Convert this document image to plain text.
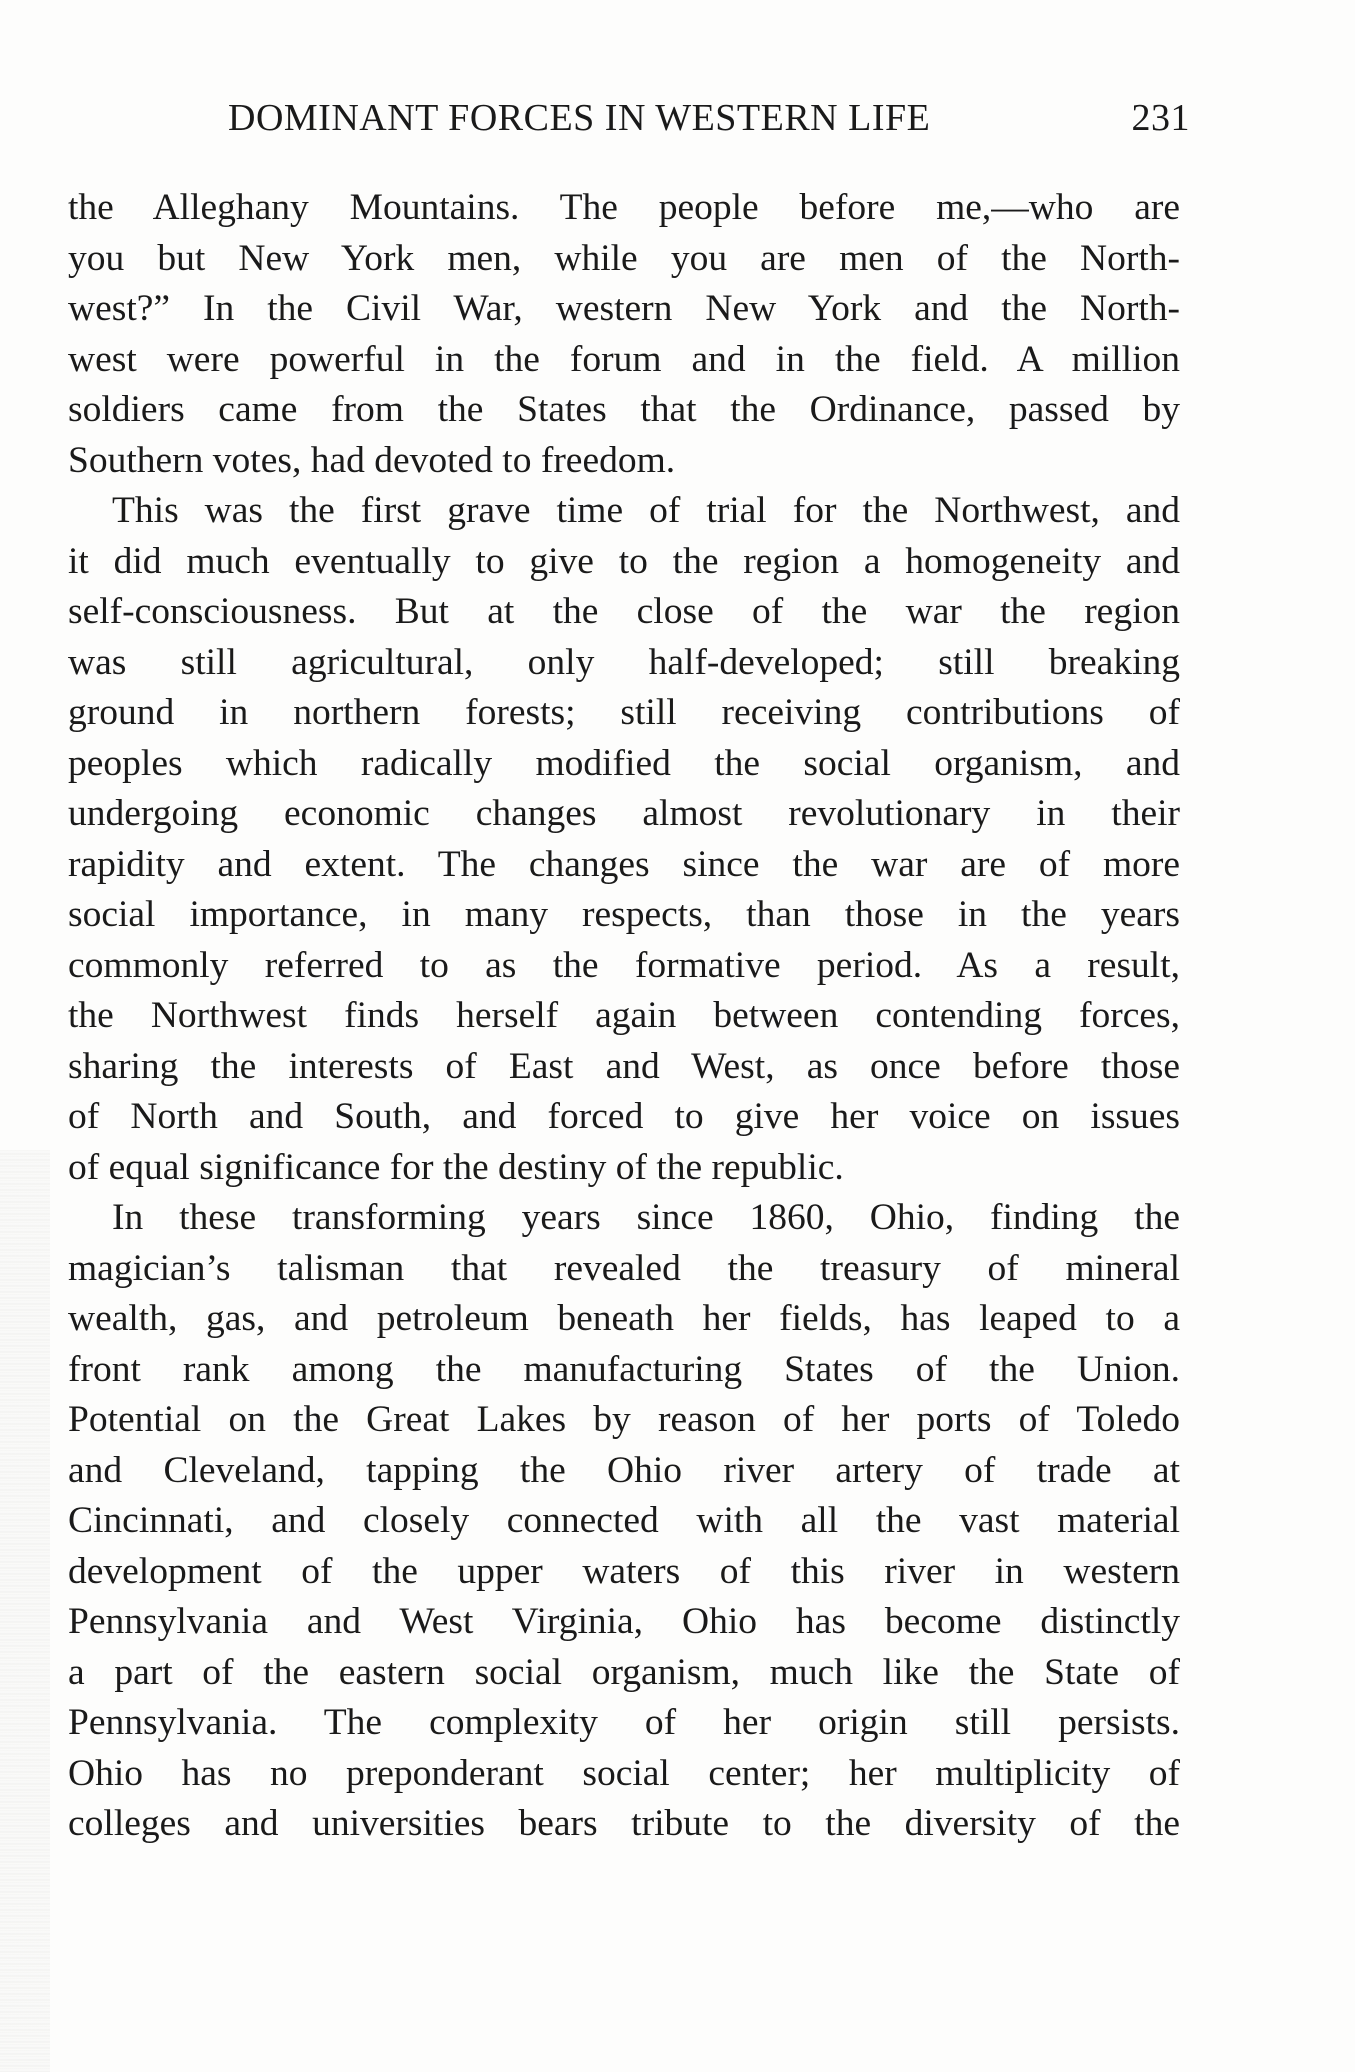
DOMINANT FORCES IN WESTERN LIFE	231
the Alleghany Mountains. The people before me,—who are
you but New York men, while you are men of the North-
west?” In the Civil War, western New York and the North-
west were powerful in the forum and in the field. A million
soldiers came from the States that the Ordinance, passed by
Southern votes, had devoted to freedom.
This was the first grave time of trial for the Northwest, and
it did much eventually to give to the region a homogeneity and
self-consciousness. But at the close of the war the region
was still agricultural, only half-developed; still breaking
ground in northern forests; still receiving contributions of
peoples which radically modified the social organism, and
undergoing economic changes almost revolutionary in their
rapidity and extent. The changes since the war are of more
social importance, in many respects, than those in the years
commonly referred to as the formative period. As a result,
the Northwest finds herself again between contending forces,
sharing the interests of East and West, as once before those
of North and South, and forced to give her voice on issues
of equal significance for the destiny of the republic.
In these transforming years since 1860, Ohio, finding the
magician’s talisman that revealed the treasury of mineral
wealth, gas, and petroleum beneath her fields, has leaped to a
front rank among the manufacturing States of the Union.
Potential on the Great Lakes by reason of her ports of Toledo
and Cleveland, tapping the Ohio river artery of trade at
Cincinnati, and closely connected with all the vast material
development of the upper waters of this river in western
Pennsylvania and West Virginia, Ohio has become distinctly
a part of the eastern social organism, much like the State of
Pennsylvania. The complexity of her origin still persists.
Ohio has no preponderant social center; her multiplicity of
colleges and universities bears tribute to the diversity of the
